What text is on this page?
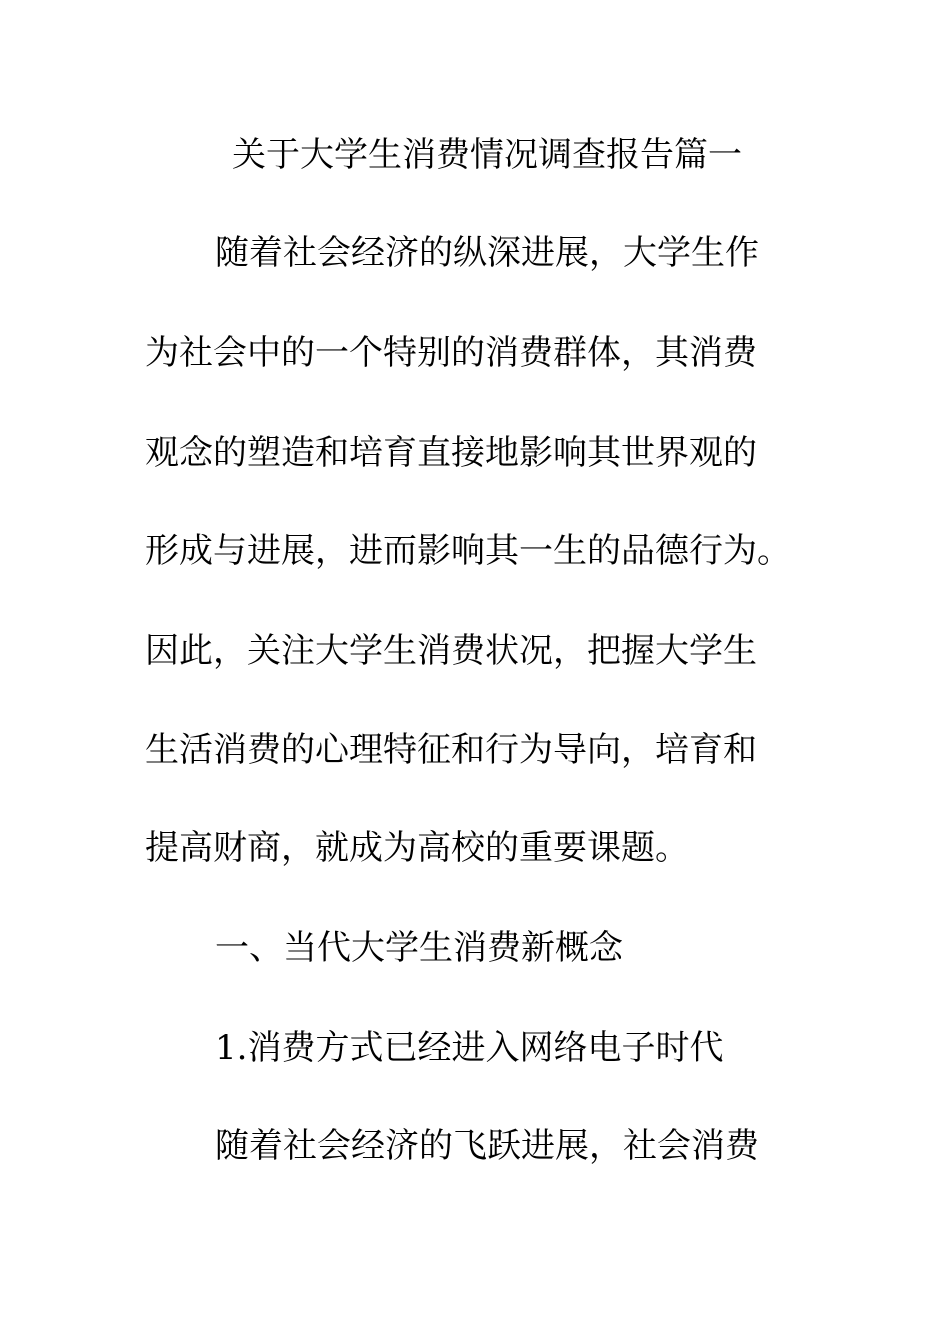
关于大学生消费情况调查报告篇一
随着社会经济的纵深进展，大学生作
为社会中的一个特别的消费群体，其消费
观念的塑造和培育直接地影响其世界观的
形成与进展，进而影响其一生的品德行为。
因此，关注大学生消费状况，把握大学生
生活消费的心理特征和行为导向，培育和
提高财商，就成为高校的重要课题。
一、当代大学生消费新概念
1.消费方式已经进入网络电子时代
随着社会经济的飞跃进展，社会消费
